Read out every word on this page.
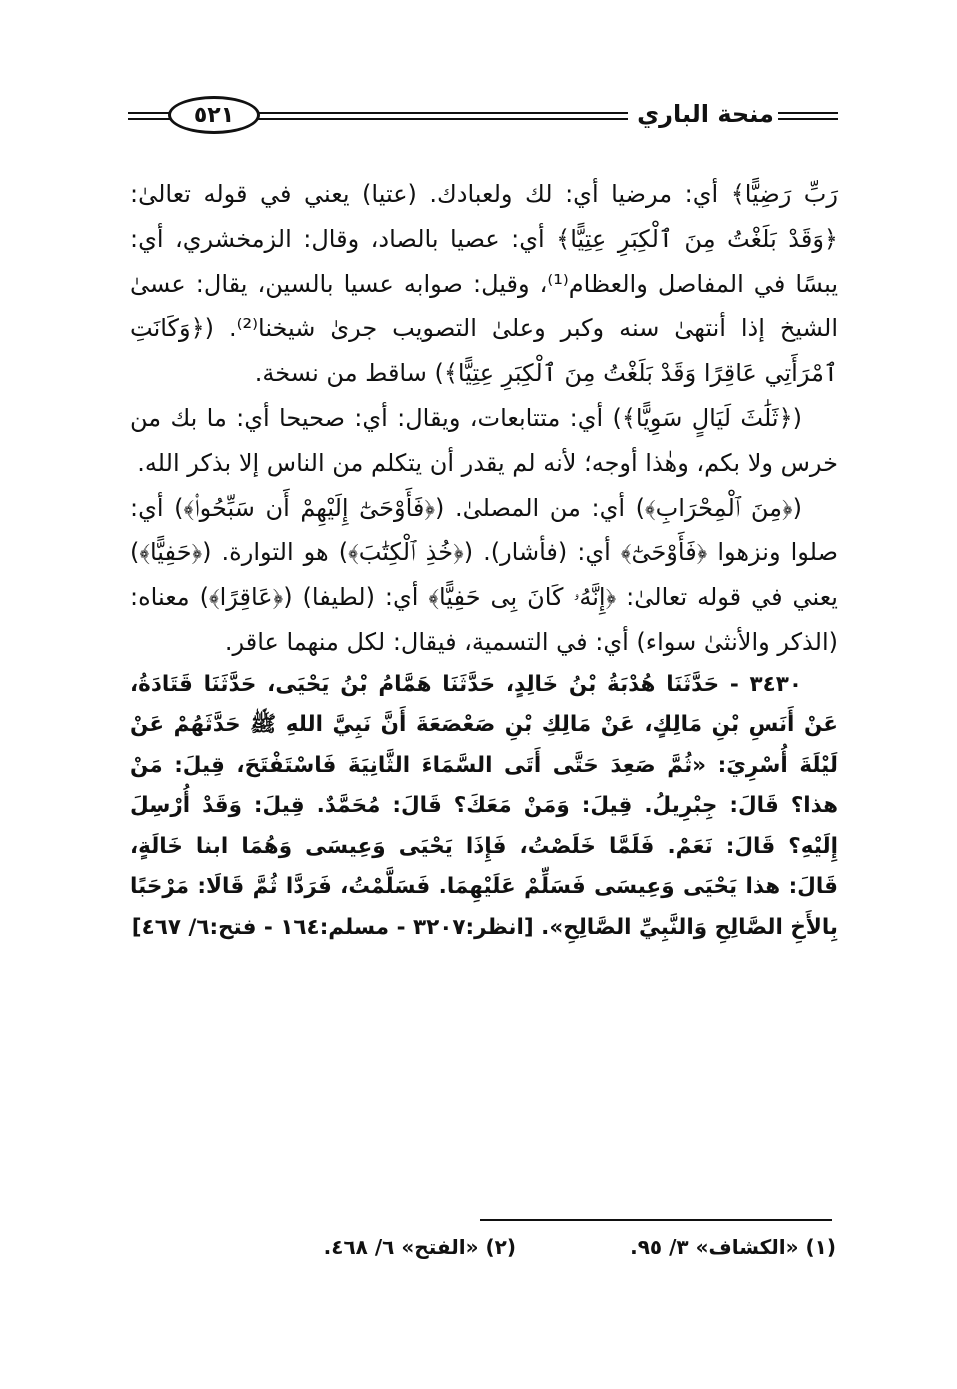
٥٢١	منحة الباري

رَبِّ رَضِيًّا﴾ أي: مرضيا أي: لك ولعبادك. (عتيا) يعني في قوله تعالىٰ: ﴿وَقَدْ بَلَغْتُ مِنَ ٱلْكِبَرِ عِتِيًّا﴾ أي: عصيا بالصاد، وقال: الزمخشري، أي: يبسًا في المفاصل والعظام⁽¹⁾، وقيل: صوابه عسيا بالسين، يقال: عسىٰ الشيخ إذا أنتهىٰ سنه وكبر وعلىٰ التصويب جرىٰ شيخنا⁽²⁾. (﴿وَكَانَتِ ٱمْرَأَتِي عَاقِرًا وَقَدْ بَلَغْتُ مِنَ ٱلْكِبَرِ عِتِيًّا﴾) ساقط من نسخة.

(﴿ثَلَٰثَ لَيَالٍ سَوِيًّا﴾) أي: متتابعات، ويقال: أي: صحيحا أي: ما بك من خرس ولا بكم، وهٰذا أوجه؛ لأنه لم يقدر أن يتكلم من الناس إلا بذكر الله.

(﴿مِنَ ٱلْمِحْرَابِ﴾) أي: من المصلىٰ. (﴿فَأَوْحَىٰٓ إِلَيْهِمْ أَن سَبِّحُوا۟﴾) أي: صلوا ونزهوا ﴿فَأَوْحَىٰٓ﴾ أي: (فأشار). (﴿خُذِ ٱلْكِتَٰبَ﴾) هو التوارة. (﴿حَفِيًّا﴾) يعني في قوله تعالىٰ: ﴿إِنَّهُۥ كَانَ بِى حَفِيًّا﴾ أي: (لطيفا) (﴿عَاقِرًا﴾) معناه: (الذكر والأنثىٰ سواء) أي: في التسمية، فيقال: لكل منهما عاقر.

٣٤٣٠ - حَدَّثَنَا هُدْبَةُ بْنُ خَالِدٍ، حَدَّثَنَا هَمَّامُ بْنُ يَحْيَى، حَدَّثَنَا قَتَادَةُ، عَنْ أَنَسِ بْنِ مَالِكٍ، عَنْ مَالِكِ بْنِ صَعْصَعَةَ أَنَّ نَبِيَّ اللهِ ﷺ حَدَّثَهُمْ عَنْ لَيْلَةَ أُسْرِيَ: «ثُمَّ صَعِدَ حَتَّى أَتَى السَّمَاءَ الثَّانِيَةَ فَاسْتَفْتَحَ، قِيلَ: مَنْ هذا؟ قَالَ: جِبْرِيلُ. قِيلَ: وَمَنْ مَعَكَ؟ قَالَ: مُحَمَّدٌ. قِيلَ: وَقَدْ أُرْسِلَ إِلَيْهِ؟ قَالَ: نَعَمْ. فَلَمَّا خَلَصْتُ، فَإِذَا يَحْيَى وَعِيسَى وَهُمَا ابنا خَالَةٍ، قَالَ: هذا يَحْيَى وَعِيسَى فَسَلِّمْ عَلَيْهِمَا. فَسَلَّمْتُ، فَرَدَّا ثُمَّ قَالَا: مَرْحَبًا بِالأَخِ الصَّالِحِ وَالنَّبِيِّ الصَّالِحِ». [انظر:٣٢٠٧ - مسلم:١٦٤ - فتح:٦/ ٤٦٧]

(١) «الكشاف» ٣/ ٩٥.
(٢) «الفتح» ٦/ ٤٦٨.
